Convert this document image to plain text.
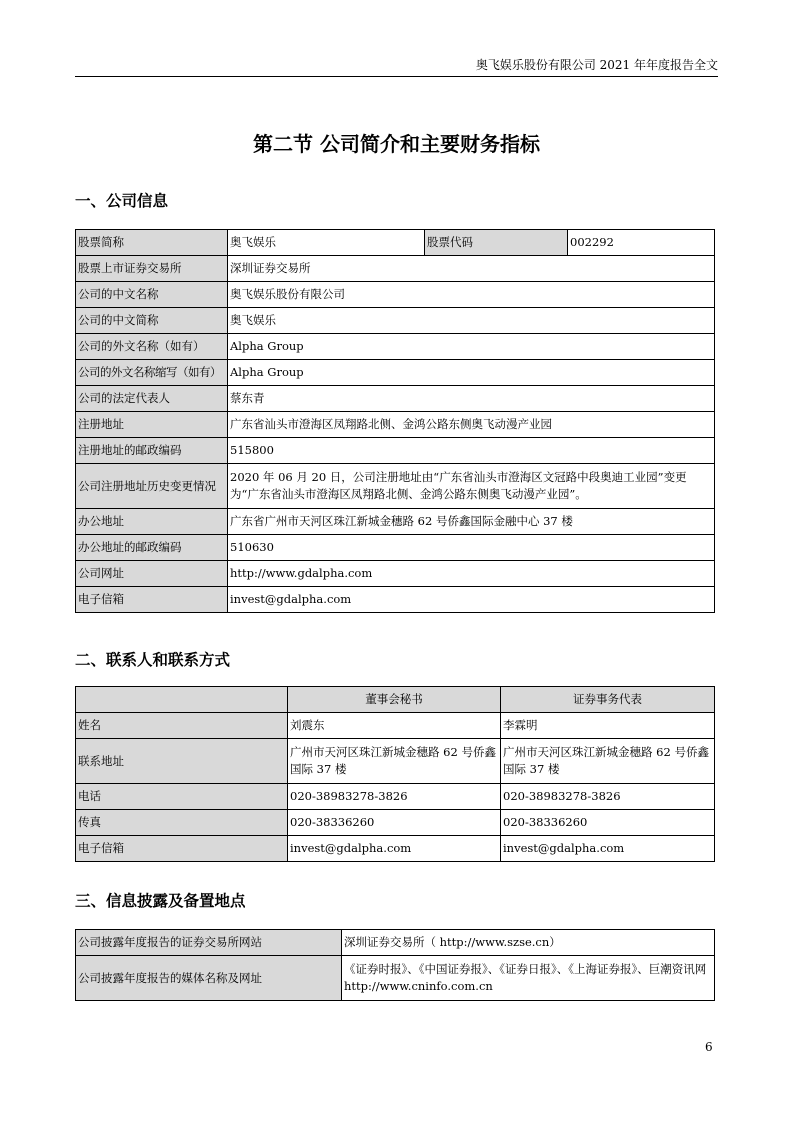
奥飞娱乐股份有限公司 2021 年年度报告全文
第二节 公司简介和主要财务指标
一、公司信息
股票简称	奥飞娱乐	股票代码	002292
股票上市证券交易所	深圳证券交易所		
公司的中文名称	奥飞娱乐股份有限公司		
公司的中文简称	奥飞娱乐		
公司的外文名称（如有）	Alpha Group		
公司的外文名称缩写（如有）	Alpha Group		
公司的法定代表人	蔡东青		
注册地址	广东省汕头市澄海区凤翔路北侧、金鸿公路东侧奥飞动漫产业园		
注册地址的邮政编码	515800		
公司注册地址历史变更情况	2020 年 06 月 20 日，公司注册地址由“广东省汕头市澄海区文冠路中段奥迪工业园”变更为“广东省汕头市澄海区凤翔路北侧、金鸿公路东侧奥飞动漫产业园”。		
办公地址	广东省广州市天河区珠江新城金穗路 62 号侨鑫国际金融中心 37 楼		
办公地址的邮政编码	510630		
公司网址	http://www.gdalpha.com		
电子信箱	invest@gdalpha.com		
二、联系人和联系方式
	董事会秘书	证券事务代表
姓名	刘震东	李霖明
联系地址	广州市天河区珠江新城金穗路 62 号侨鑫国际 37 楼	广州市天河区珠江新城金穗路 62 号侨鑫国际 37 楼
电话	020-38983278-3826	020-38983278-3826
传真	020-38336260	020-38336260
电子信箱	invest@gdalpha.com	invest@gdalpha.com
三、信息披露及备置地点
公司披露年度报告的证券交易所网站	深圳证券交易所（ http://www.szse.cn）
公司披露年度报告的媒体名称及网址	《证券时报》、《中国证券报》、《证券日报》、《上海证券报》、巨潮资讯网 http://www.cninfo.com.cn
6
